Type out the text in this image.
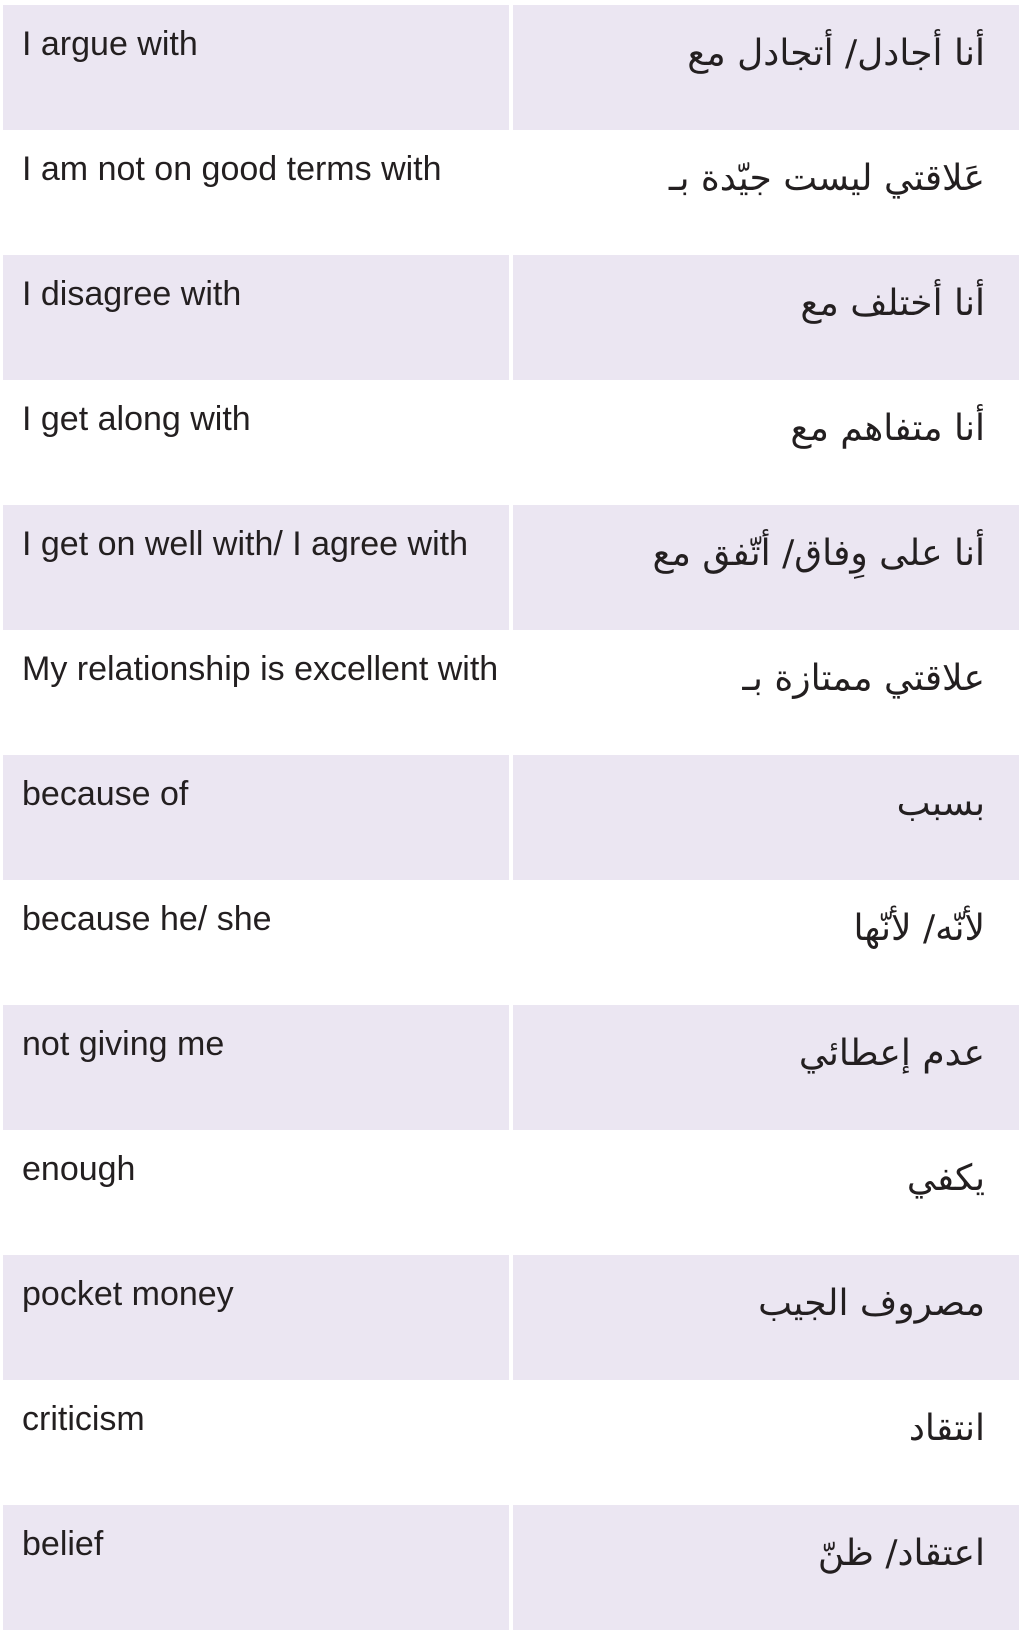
I argue with	أنا أجادل/ أتجادل مع
I am not on good terms with	عَلاقتي ليست جيّدة بـ
I disagree with	أنا أختلف مع
I get along with	أنا متفاهم مع
I get on well with/ I agree with	أنا على وِفاق/ أتّفق مع
My relationship is excellent with	علاقتي ممتازة بـ
because of	بسبب
because he/ she	لأنّه/ لأنّها
not giving me	عدم إعطائي
enough	يكفي
pocket money	مصروف الجيب
criticism	انتقاد
belief	اعتقاد/ ظنّ
